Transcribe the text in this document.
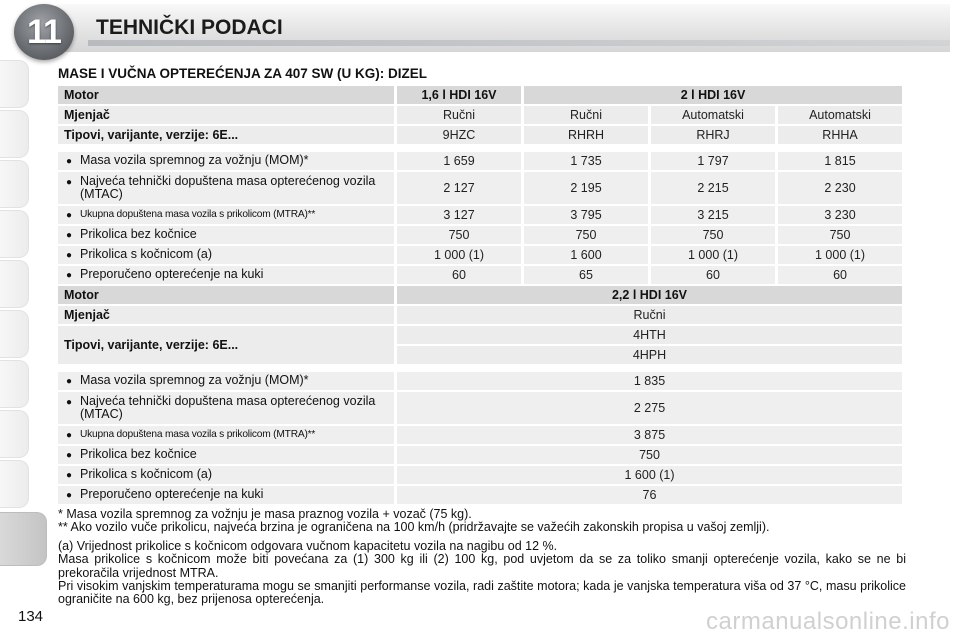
11 TEHNIČKI PODACI
MASE I VUČNA OPTEREĆENJA ZA 407 SW (U KG): DIZEL
Motor	1,6 l HDI 16V	2 l HDI 16V		
Mjenjač	Ručni	Ručni	Automatski	Automatski
Tipovi, varijante, verzije: 6E...	9HZC	RHRH	RHRJ	RHHA

● Masa vozila spremnog za vožnju (MOM)*	1 659	1 735	1 797	1 815
● Najveća tehnički dopuštena masa opterećenog vozila (MTAC)	2 127	2 195	2 215	2 230
● Ukupna dopuštena masa vozila s prikolicom (MTRA)**	3 127	3 795	3 215	3 230
● Prikolica bez kočnice	750	750	750	750
● Prikolica s kočnicom (a)	1 000 (1)	1 600	1 000 (1)	1 000 (1)
● Preporučeno opterećenje na kuki	60	65	60	60
Motor	2,2 l HDI 16V
Mjenjač	Ručni
Tipovi, varijante, verzije: 6E...	4HTH
	4HPH

● Masa vozila spremnog za vožnju (MOM)*	1 835
● Najveća tehnički dopuštena masa opterećenog vozila (MTAC)	2 275
● Ukupna dopuštena masa vozila s prikolicom (MTRA)**	3 875
● Prikolica bez kočnice	750
● Prikolica s kočnicom (a)	1 600 (1)
● Preporučeno opterećenje na kuki	76

* Masa vozila spremnog za vožnju je masa praznog vozila + vozač (75 kg).

** Ako vozilo vuče prikolicu, najveća brzina je ograničena na 100 km/h (pridržavajte se važećih zakonskih propisa u vašoj zemlji).

(a) Vrijednost prikolice s kočnicom odgovara vučnom kapacitetu vozila na nagibu od 12 %.

Masa prikolice s kočnicom može biti povećana za (1) 300 kg ili (2) 100 kg, pod uvjetom da se za toliko smanji opterećenje vozila, kako se ne bi prekoračila vrijednost MTRA.

Pri visokim vanjskim temperaturama mogu se smanjiti performanse vozila, radi zaštite motora; kada je vanjska temperatura viša od 37 °C, masu prikolice ograničite na 600 kg, bez prijenosa opterećenja.

134	carmanualsonline.info
